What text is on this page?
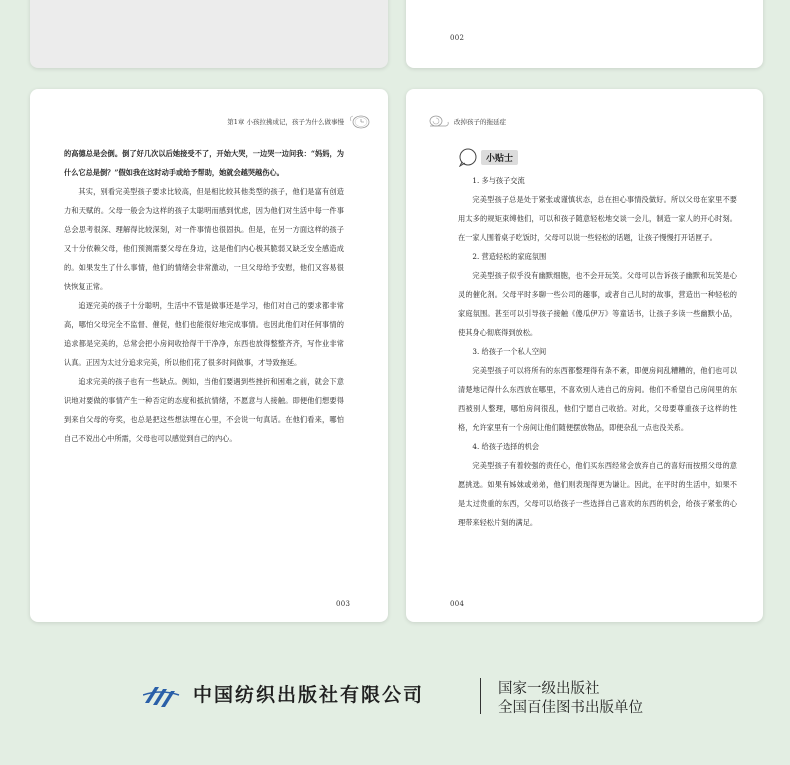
002
第1章 小孩拉拂成记，孩子为什么做事慢

的高德总是会倒。倒了好几次以后她接受不了，开始大哭，一边哭一边问我：“妈妈，为什么它总是倒？”假如我在这时动手或给予帮助，她就会越哭越伤心。

其实，别看完美型孩子要求比较高，但是相比较其他类型的孩子，他们是富有创造力和天赋的。父母一般会为这样的孩子太聪明而感到忧虑，因为他们对生活中每一件事总会思考很深、理解得比较深刻，对一件事情也很固执。但是，在另一方面这样的孩子又十分依赖父母，他们预测需要父母在身边，这是他们内心极其脆弱又缺乏安全感造成的。如果发生了什么事情，他们的情绪会非常激动，一旦父母给予安慰，他们又容易很快恢复正常。

追逐完美的孩子十分聪明，生活中不管是做事还是学习，他们对自己的要求都非常高，哪怕父母完全不监督、催促，他们也能很好地完成事情。也因此他们对任何事情的追求都是完美的，总常会把小房间收拾得干干净净，东西也放得整整齐齐，写作业非常认真。正因为太过分追求完美，所以他们花了很多时间做事，才导致拖延。

追求完美的孩子也有一些缺点。例如，当他们要遇到些挫折和困难之前，就会下意识地对要做的事情产生一种否定的态度和抵抗情绪，不愿意与人接触。即便他们想要得到来自父母的夸奖，也总是把这些想法埋在心里，不会说一句真话。在他们看来，哪怕自己不说出心中所需，父母也可以感觉到自己的内心。

003
改掉孩子的拖延症
小贴士

1. 多与孩子交流

完美型孩子总是处于紧张或谨慎状态，总在担心事情没做好。所以父母在家里不要用太多的规矩束缚他们，可以和孩子随意轻松地交谈一会儿，制造一家人的开心时刻。在一家人围着桌子吃饭时，父母可以说一些轻松的话题，让孩子慢慢打开话匣子。

2. 营造轻松的家庭氛围

完美型孩子似乎没有幽默细胞，也不会开玩笑。父母可以告诉孩子幽默和玩笑是心灵的催化剂。父母平时多聊一些公司的趣事，或者自己儿时的故事，营造出一种轻松的家庭氛围。甚至可以引导孩子接触《傻瓜伊万》等童话书，让孩子多读一些幽默小品，使其身心彻底得到放松。

3. 给孩子一个私人空间

完美型孩子可以将所有的东西都整理得有条不紊，即便房间乱糟糟的，他们也可以清楚地记得什么东西放在哪里，不喜欢别人进自己的房间。他们不希望自己房间里的东西被别人整理，哪怕房间很乱，他们宁愿自己收拾。对此，父母要尊重孩子这样的性格，允许家里有一个房间让他们随便摆放物品，即便杂乱一点也没关系。

4. 给孩子选择的机会

完美型孩子有着较强的责任心，他们买东西经常会放弃自己的喜好而按照父母的意愿挑选。如果有姊妹或弟弟，他们则表现得更为谦让。因此，在平时的生活中，如果不是太过贵重的东西，父母可以给孩子一些选择自己喜欢的东西的机会，给孩子紧张的心理带来轻松片刻的满足。

004
中国纺织出版社有限公司	国家一级出版社
全国百佳图书出版单位
